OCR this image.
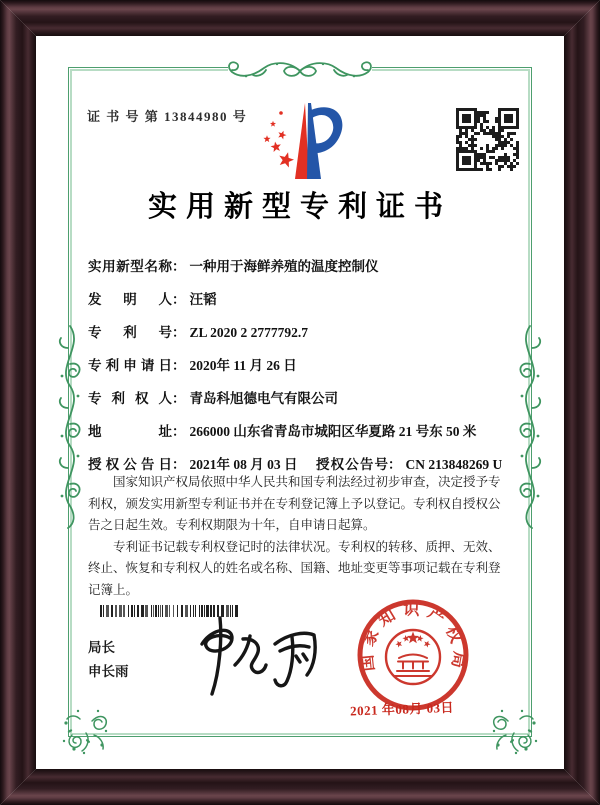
证 书 号 第 13844980 号
实用新型专利证书
实用新型名称： 一种用于海鲜养殖的温度控制仪
发明人： 汪韬
专利号： ZL 2020 2 2777792.7
专利申请日： 2020年 11 月 26 日
专利权人： 青岛科旭德电气有限公司
地址： 266000 山东省青岛市城阳区华夏路 21 号东 50 米
授权公告日： 2021年 08 月 03 日 授权公告号： CN 213848269 U

国家知识产权局依照中华人民共和国专利法经过初步审查，决定授予专利权，颁发实用新型专利证书并在专利登记簿上予以登记。专利权自授权公告之日起生效。专利权期限为十年，自申请日起算。

专利证书记载专利权登记时的法律状况。专利权的转移、质押、无效、终止、恢复和专利权人的姓名或名称、国籍、地址变更等事项记载在专利登记簿上。

局长
申长雨	国家知识产权局
2021 年08月 03日
